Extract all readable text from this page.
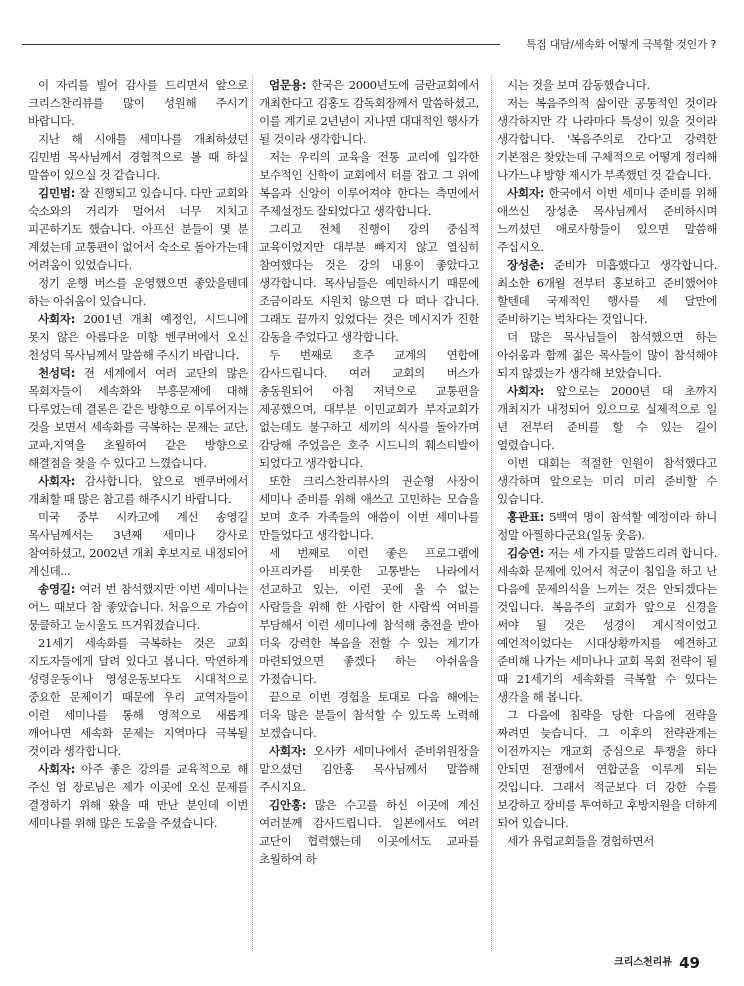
특집 대담/세속화 어떻게 극복할 것인가 ?

이 자리를 빌어 감사를 드리면서 앞으로 크리스찬리뷰를 많이 성원해 주시기 바랍니다.

지난 해 시애틀 세미나를 개최하셨던 김민범 목사님께서 경험적으로 볼 때 하실 말씀이 있으실 것 같습니다.

김민범: 잘 진행되고 있습니다. 다만 교회와 숙소와의 거리가 멀어서 너무 지치고 피곤하기도 했습니다. 아프신 분들이 몇 분 계셨는데 교통편이 없어서 숙소로 돌아가는데 어려움이 있었습니다.

정기 운행 버스를 운영했으면 좋았을텐데 하는 아쉬움이 있습니다.

사회자: 2001년 개최 예정인, 시드니에 못지 않은 아름다운 미항 벤쿠버에서 오신 천성덕 목사님께서 말씀해 주시기 바랍니다.

천성덕: 전 세계에서 여러 교단의 많은 목회자들이 세속화와 부흥문제에 대해 다루었는데 결론은 같은 방향으로 이루어지는 것을 보면서 세속화를 극복하는 문제는 교단,교파,지역을 초월하여 같은 방향으로 해결점을 찾을 수 있다고 느꼈습니다.

사회자: 감사합니다. 앞으로 벤쿠버에서 개최할 때 많은 참고를 해주시기 바랍니다.

미국 중부 시카고에 계신 송영길 목사님께서는 3년째 세미나 강사로 참여하셨고, 2002년 개최 후보지로 내정되어 계신데...

송영길: 여러 번 참석했지만 이번 세미나는 어느 때보다 참 좋았습니다. 처음으로 가슴이 뭉클하고 눈시울도 뜨거워졌습니다.

21세기 세속화를 극복하는 것은 교회 지도자들에게 달려 있다고 봅니다. 막연하게 성령운동이나 영성운동보다도 시대적으로 중요한 문제이기 때문에 우리 교역자들이 이런 세미나를 통해 영적으로 새롭게 깨어나면 세속화 문제는 지역마다 극복될 것이라 생각합니다.

사회자: 아주 좋은 강의를 교육적으로 해 주신 엄 장로님은 제가 이곳에 오신 문제를 결정하기 위해 왔을 때 만난 분인데 이번 세미나를 위해 많은 도움을 주셨습니다.

엄문용: 한국은 2000년도에 금란교회에서 개최한다고 김홍도 감독회장께서 말씀하셨고, 이를 계기로 2년년이 지나면 대대적인 행사가 될 것이라 생각합니다.

저는 우리의 교육을 전통 교리에 입각한 보수적인 신학이 교회에서 터를 잡고 그 위에 복음과 신앙이 이루어져야 한다는 측면에서 주제설정도 잘되었다고 생각합니다.

그리고 전체 진행이 강의 중심적 교육이었지만 대부분 빠지지 않고 열심히 참여했다는 것은 강의 내용이 좋았다고 생각합니다. 목사님들은 예민하시기 때문에 조금이라도 시원치 않으면 다 떠나 갑니다. 그래도 끝까지 있었다는 것은 메시지가 진한 감동을 주었다고 생각합니다.

두 번째로 호주 교계의 연합에 감사드립니다. 여러 교회의 버스가 총동원되어 아침 저녁으로 교통편을 제공했으며, 대부분 이민교회가 부자교회가 없는데도 불구하고 세끼의 식사를 돌아가며 감당해 주었음은 호주 시드니의 훼스티발이 되었다고 생각합니다.

또한 크리스찬리뷰사의 권순형 사장이 세미나 준비를 위해 애쓰고 고민하는 모습을 보며 호주 가족들의 애씀이 이번 세미나를 만들었다고 생각합니다.

세 번째로 이런 좋은 프로그램에 아프리카를 비롯한 고통받는 나라에서 선교하고 있는, 이런 곳에 올 수 없는 사람들을 위해 한 사람이 한 사람씩 여비를 부담해서 이런 세미나에 참석해 충전을 받아 더욱 강력한 복음을 전할 수 있는 계기가 마련되었으면 좋겠다 하는 아쉬움을 가졌습니다.

끝으로 이번 경험을 토대로 다음 해에는 더욱 많은 분들이 참석할 수 있도록 노력해 보겠습니다.

사회자: 오사카 세미나에서 준비위원장을 맡으셨던 김안홍 목사님께서 말씀해 주시지요.

김안홍: 많은 수고를 하신 이곳에 계신 여러분께 감사드립니다. 일본에서도 여러 교단이 협력했는데 이곳에서도 교파를 초월하여 하

시는 것을 보며 감동했습니다.

저는 복음주의적 삶이란 공통적인 것이라 생각하지만 각 나라마다 특성이 있을 것이라 생각합니다. '복음주의로 간다'고 강력한 기본점은 찾았는데 구체적으로 어떻게 정리해 나가느냐 방향 제시가 부족했던 것 같습니다.

사회자: 한국에서 이번 세미나 준비를 위해 애쓰신 장성춘 목사님께서 준비하시며 느끼셨던 애로사항들이 있으면 말씀해 주십시오.

장성춘: 준비가 미흡했다고 생각합니다. 최소한 6개월 전부터 홍보하고 준비했어야 할텐데 국제적인 행사를 세 달만에 준비하기는 벅차다는 것입니다.

더 많은 목사님들이 참석했으면 하는 아쉬움과 함께 젊은 목사들이 많이 참석해야 되지 않겠는가 생각해 보았습니다.

사회자: 앞으로는 2000년 대 초까지 개최지가 내정되어 있으므로 실제적으로 일 년 전부터 준비를 할 수 있는 길이 열렸습니다.

이번 대회는 적절한 인원이 참석했다고 생각하며 앞으로는 미리 미리 준비할 수 있습니다.

홍관표: 5백여 명이 참석할 예정이라 하니 정말 아찔하다군요(일동 웃음).

김승연: 저는 세 가지를 말씀드리려 합니다. 세속화 문제에 있어서 적군이 침입을 하고 난 다음에 문제의식을 느끼는 것은 안되겠다는 것입니다. 복음주의 교회가 앞으로 신경을 써야 될 것은 성경이 계시적이었고 예언적이었다는 시대상황까지를 예견하고 준비해 나가는 세미나나 교회 목회 전략이 될 때 21세기의 세속화를 극복할 수 있다는 생각을 해 봅니다.

그 다음에 침략을 당한 다음에 전략을 짜려면 늦습니다. 그 이후의 전략관계는 이전까지는 개교회 중심으로 투쟁을 하다 안되면 전쟁에서 연합군을 이루게 되는 것입니다. 그래서 적군보다 더 강한 수를 보강하고 장비를 투여하고 후방지원을 더하게 되어 있습니다.

세가 유럽교회들을 경험하면서

크리스천리뷰 49
